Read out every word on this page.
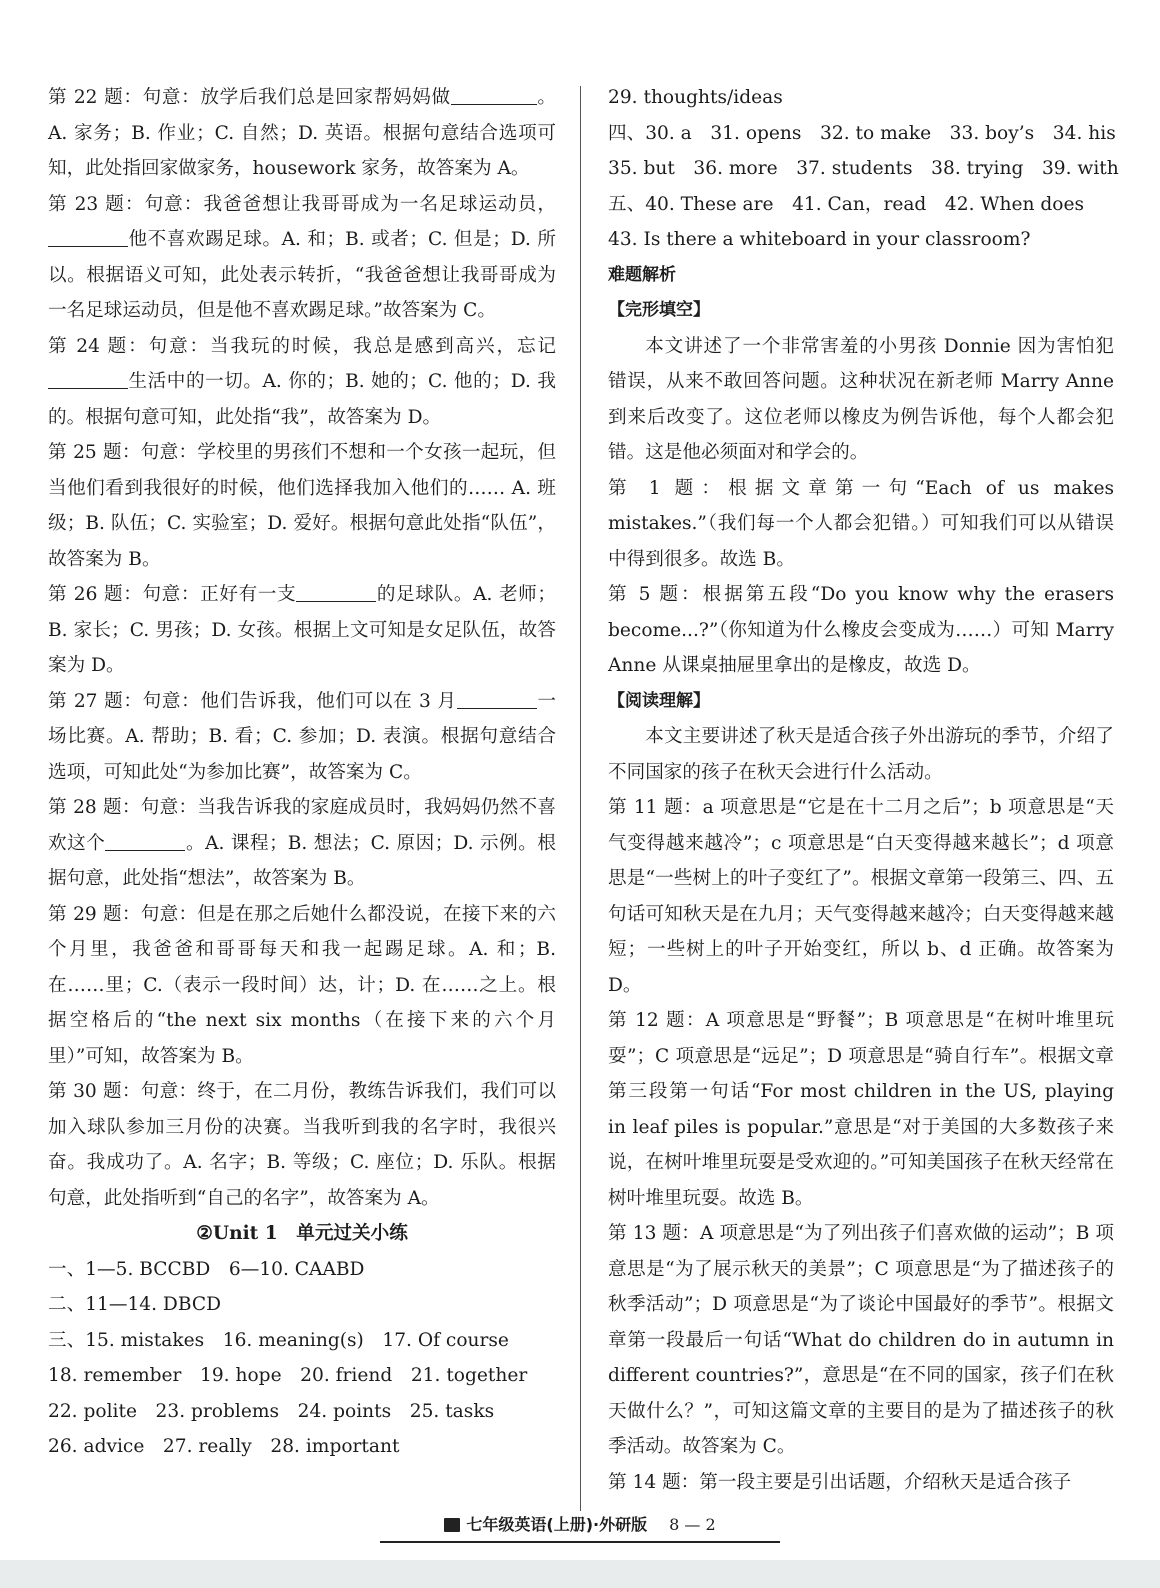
第 22 题：句意：放学后我们总是回家帮妈妈做	。A. 家务；B. 作业；C. 自然；D. 英语。根据句意结合选项可知，此处指回家做家务，housework 家务，故答案为 A。

第 23 题：句意：我爸爸想让我哥哥成为一名足球运动员，他不喜欢踢足球。A. 和；B. 或者；C. 但是；D. 所以。根据语义可知，此处表示转折，“我爸爸想让我哥哥成为一名足球运动员，但是他不喜欢踢足球。”故答案为 C。

第 24 题：句意：当我玩的时候，我总是感到高兴，忘记生活中的一切。A. 你的；B. 她的；C. 他的；D. 我的。根据句意可知，此处指“我”，故答案为 D。

第 25 题：句意：学校里的男孩们不想和一个女孩一起玩，但当他们看到我很好的时候，他们选择我加入他们的…… A. 班级；B. 队伍；C. 实验室；D. 爱好。根据句意此处指“队伍”，故答案为 B。

第 26 题：句意：正好有一支	的足球队。A. 老师；B. 家长；C. 男孩；D. 女孩。根据上文可知是女足队伍，故答案为 D。

第 27 题：句意：他们告诉我，他们可以在 3 月	一场比赛。A. 帮助；B. 看；C. 参加；D. 表演。根据句意结合选项，可知此处“为参加比赛”，故答案为 C。

第 28 题：句意：当我告诉我的家庭成员时，我妈妈仍然不喜欢这个	。A. 课程；B. 想法；C. 原因；D. 示例。根据句意，此处指“想法”，故答案为 B。

第 29 题：句意：但是在那之后她什么都没说，在接下来的六个月里，我爸爸和哥哥每天和我一起踢足球。A. 和；B. 在……里；C.（表示一段时间）达，计；D. 在……之上。根据空格后的“the next six months（在接下来的六个月里）”可知，故答案为 B。

第 30 题：句意：终于，在二月份，教练告诉我们，我们可以加入球队参加三月份的决赛。当我听到我的名字时，我很兴奋。我成功了。A. 名字；B. 等级；C. 座位；D. 乐队。根据句意，此处指听到“自己的名字”，故答案为 A。

②Unit 1　单元过关小练

一、1—5. BCCBD　6—10. CAABD

二、11—14. DBCD

三、15. mistakes　16. meaning(s)　17. Of course

18. remember　19. hope　20. friend　21. together

22. polite　23. problems　24. points　25. tasks

26. advice　27. really　28. important

29. thoughts/ideas

四、30. a　31. opens　32. to make　33. boy’s　34. his

35. but　36. more　37. students　38. trying　39. with

五、40. These are　41. Can，read　42. When does

43. Is there a whiteboard in your classroom?

难题解析

【完形填空】

本文讲述了一个非常害羞的小男孩 Donnie 因为害怕犯错误，从来不敢回答问题。这种状况在新老师 Marry Anne 到来后改变了。这位老师以橡皮为例告诉他，每个人都会犯错。这是他必须面对和学会的。

第 1 题：根据文章第一句“Each of us makes mistakes.”（我们每一个人都会犯错。）可知我们可以从错误中得到很多。故选 B。

第 5 题：根据第五段“Do you know why the erasers become...?”（你知道为什么橡皮会变成为……）可知 Marry Anne 从课桌抽屉里拿出的是橡皮，故选 D。

【阅读理解】

本文主要讲述了秋天是适合孩子外出游玩的季节，介绍了不同国家的孩子在秋天会进行什么活动。

第 11 题：a 项意思是“它是在十二月之后”；b 项意思是“天气变得越来越冷”；c 项意思是“白天变得越来越长”；d 项意思是“一些树上的叶子变红了”。根据文章第一段第三、四、五句话可知秋天是在九月；天气变得越来越冷；白天变得越来越短；一些树上的叶子开始变红，所以 b、d 正确。故答案为 D。

第 12 题：A 项意思是“野餐”；B 项意思是“在树叶堆里玩耍”；C 项意思是“远足”；D 项意思是“骑自行车”。根据文章第三段第一句话“For most children in the US, playing in leaf piles is popular.”意思是“对于美国的大多数孩子来说，在树叶堆里玩耍是受欢迎的。”可知美国孩子在秋天经常在树叶堆里玩耍。故选 B。

第 13 题：A 项意思是“为了列出孩子们喜欢做的运动”；B 项意思是“为了展示秋天的美景”；C 项意思是“为了描述孩子的秋季活动”；D 项意思是“为了谈论中国最好的季节”。根据文章第一段最后一句话“What do children do in autumn in different countries?”，意思是“在不同的国家，孩子们在秋天做什么？”，可知这篇文章的主要目的是为了描述孩子的秋季活动。故答案为 C。

第 14 题：第一段主要是引出话题，介绍秋天是适合孩子

七年级英语(上册)·外研版 8 — 2
